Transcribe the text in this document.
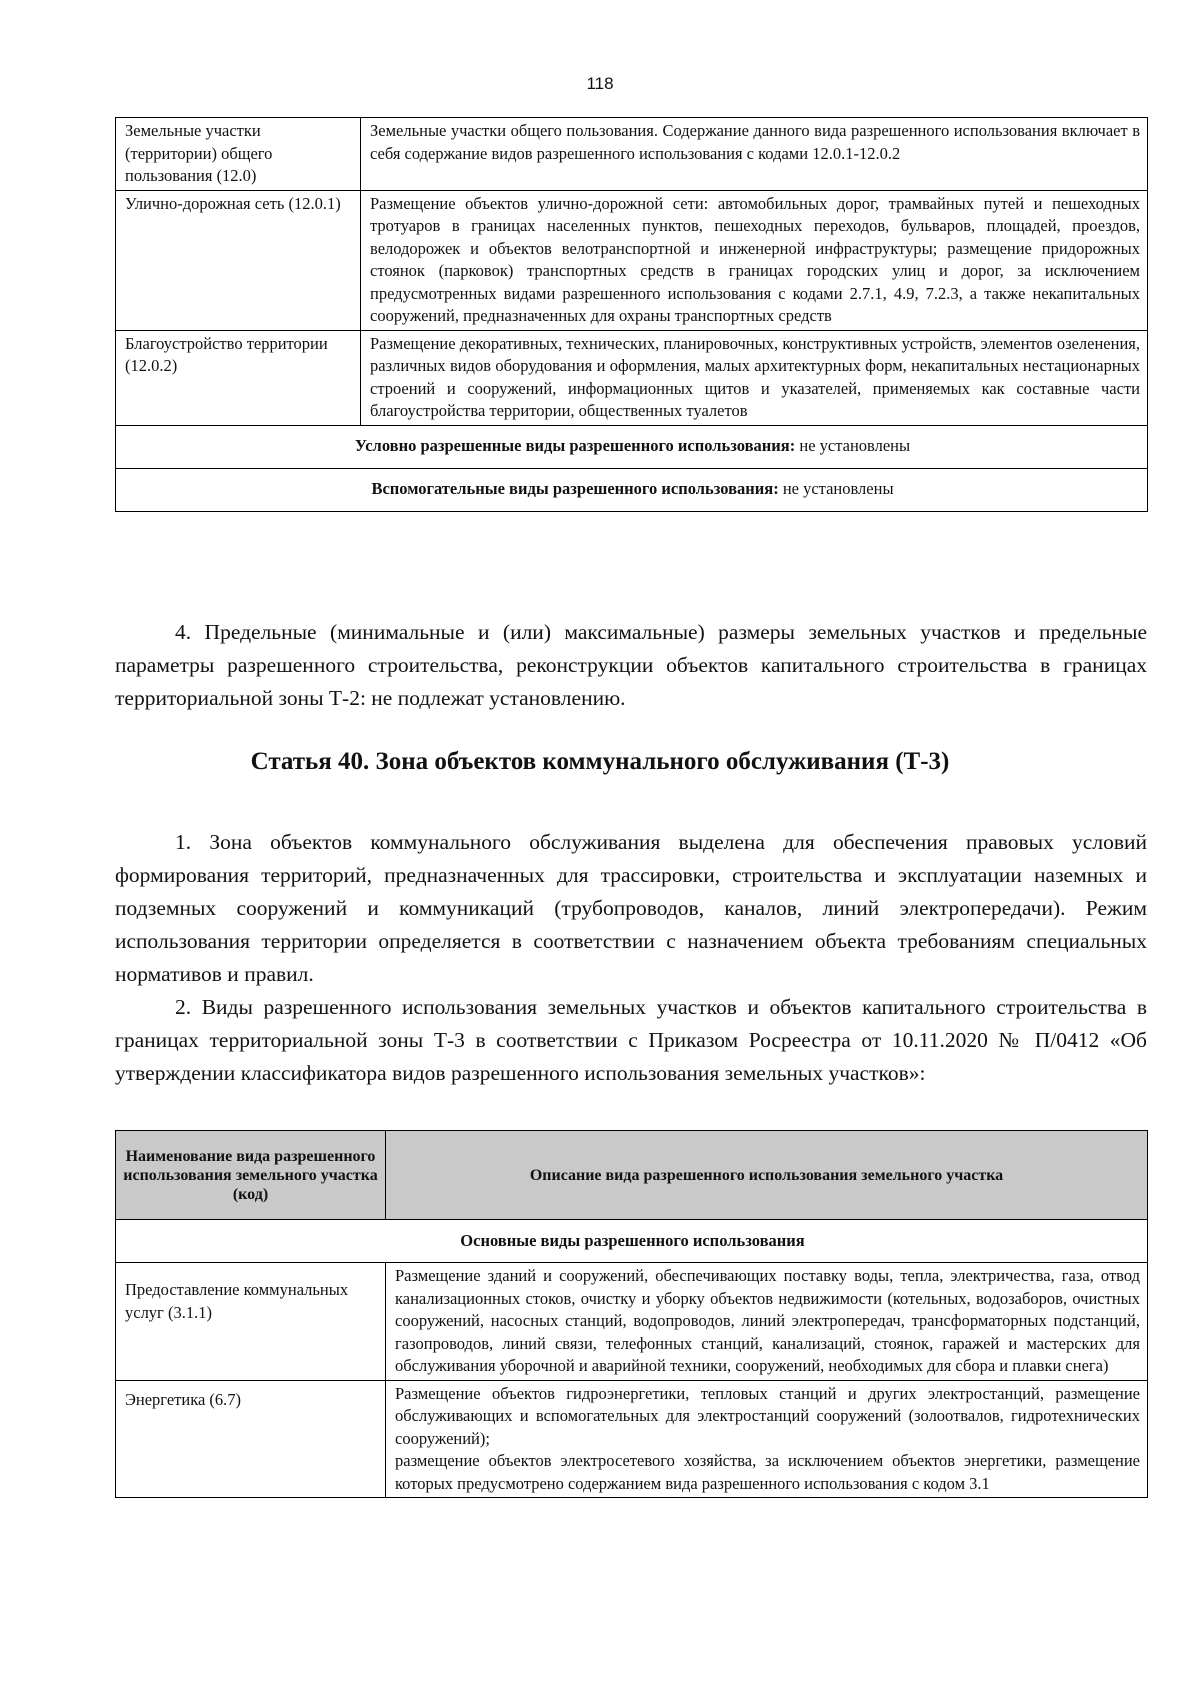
118
Земельные участки (территории) общего пользования (12.0)	Земельные участки общего пользования. Содержание данного вида разрешенного использования включает в себя содержание видов разрешенного использования с кодами 12.0.1-12.0.2
Улично-дорожная сеть (12.0.1)	Размещение объектов улично-дорожной сети: автомобильных дорог, трамвайных путей и пешеходных тротуаров в границах населенных пунктов, пешеходных переходов, бульваров, площадей, проездов, велодорожек и объектов велотранспортной и инженерной инфраструктуры; размещение придорожных стоянок (парковок) транспортных средств в границах городских улиц и дорог, за исключением предусмотренных видами разрешенного использования с кодами 2.7.1, 4.9, 7.2.3, а также некапитальных сооружений, предназначенных для охраны транспортных средств
Благоустройство территории (12.0.2)	Размещение декоративных, технических, планировочных, конструктивных устройств, элементов озеленения, различных видов оборудования и оформления, малых архитектурных форм, некапитальных нестационарных строений и сооружений, информационных щитов и указателей, применяемых как составные части благоустройства территории, общественных туалетов
Условно разрешенные виды разрешенного использования: не установлены	
Вспомогательные виды разрешенного использования: не установлены	

4. Предельные (минимальные и (или) максимальные) размеры земельных участков и предельные параметры разрешенного строительства, реконструкции объектов капитального строительства в границах территориальной зоны Т-2: не подлежат установлению.

Статья 40. Зона объектов коммунального обслуживания (Т-3)

1. Зона объектов коммунального обслуживания выделена для обеспечения правовых условий формирования территорий, предназначенных для трассировки, строительства и эксплуатации наземных и подземных сооружений и коммуникаций (трубопроводов, каналов, линий электропередачи). Режим использования территории определяется в соответствии с назначением объекта требованиям специальных нормативов и правил.

2. Виды разрешенного использования земельных участков и объектов капитального строительства в границах территориальной зоны Т-3 в соответствии с Приказом Росреестра от 10.11.2020 № П/0412 «Об утверждении классификатора видов разрешенного использования земельных участков»:

Наименование вида разрешенного использования земельного участка (код)	Описание вида разрешенного использования земельного участка
Основные виды разрешенного использования	
Предоставление коммунальных услуг (3.1.1)	Размещение зданий и сооружений, обеспечивающих поставку воды, тепла, электричества, газа, отвод канализационных стоков, очистку и уборку объектов недвижимости (котельных, водозаборов, очистных сооружений, насосных станций, водопроводов, линий электропередач, трансформаторных подстанций, газопроводов, линий связи, телефонных станций, канализаций, стоянок, гаражей и мастерских для обслуживания уборочной и аварийной техники, сооружений, необходимых для сбора и плавки снега)
Энергетика (6.7)	Размещение объектов гидроэнергетики, тепловых станций и других электростанций, размещение обслуживающих и вспомогательных для электростанций сооружений (золоотвалов, гидротехнических сооружений);
размещение объектов электросетевого хозяйства, за исключением объектов энергетики, размещение которых предусмотрено содержанием вида разрешенного использования с кодом 3.1
